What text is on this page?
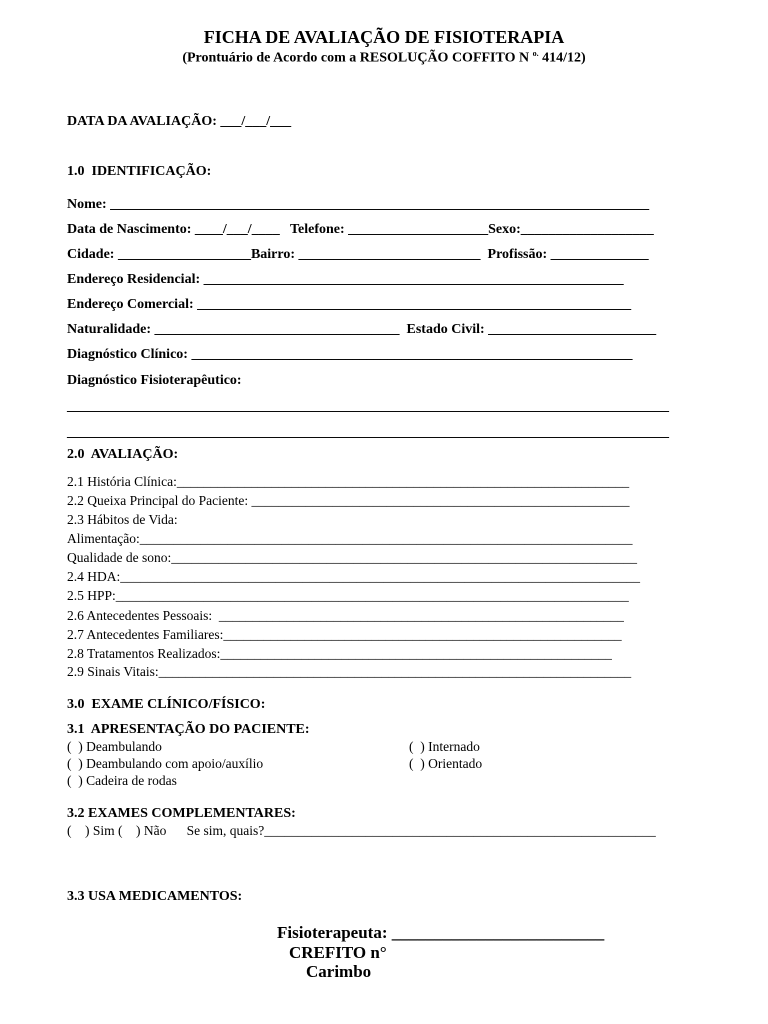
FICHA DE AVALIAÇÃO DE FISIOTERAPIA
(Prontuário de Acordo com a RESOLUÇÃO COFFITO N $^{o.}$ 414/12)
DATA DA AVALIAÇÃO: ___/___/___
1.0  IDENTIFICAÇÃO:
Nome: _____________________________________________________________________________
Data de Nascimento: ____/___/____   Telefone: ____________________Sexo:___________________
Cidade: ___________________Bairro: __________________________  Profissão: ______________
Endereço Residencial: ____________________________________________________________
Endereço Comercial: ______________________________________________________________
Naturalidade: ___________________________________  Estado Civil: ________________________
Diagnóstico Clínico: _______________________________________________________________
Diagnóstico Fisioterapêutico:
______________________________________________________________________________________
______________________________________________________________________________________
2.0  AVALIAÇÃO:
2.1 História Clínica:___________________________________________________________________
2.2 Queixa Principal do Paciente: ________________________________________________________
2.3 Hábitos de Vida:
Alimentação:_________________________________________________________________________
Qualidade de sono:_____________________________________________________________________
2.4 HDA:_____________________________________________________________________________
2.5 HPP:____________________________________________________________________________
2.6 Antecedentes Pessoais:  ____________________________________________________________
2.7 Antecedentes Familiares:___________________________________________________________
2.8 Tratamentos Realizados:__________________________________________________________
2.9 Sinais Vitais:______________________________________________________________________
3.0  EXAME CLÍNICO/FÍSICO:
3.1  APRESENTAÇÃO DO PACIENTE:
(  ) Deambulando
(  ) Deambulando com apoio/auxílio
(  ) Cadeira de rodas
(  ) Internado
(  ) Orientado
3.2 EXAMES COMPLEMENTARES:
(    ) Sim (    ) Não      Se sim, quais?__________________________________________________________
3.3 USA MEDICAMENTOS:
Fisioterapeuta: _________________________
CREFITO n°
Carimbo
